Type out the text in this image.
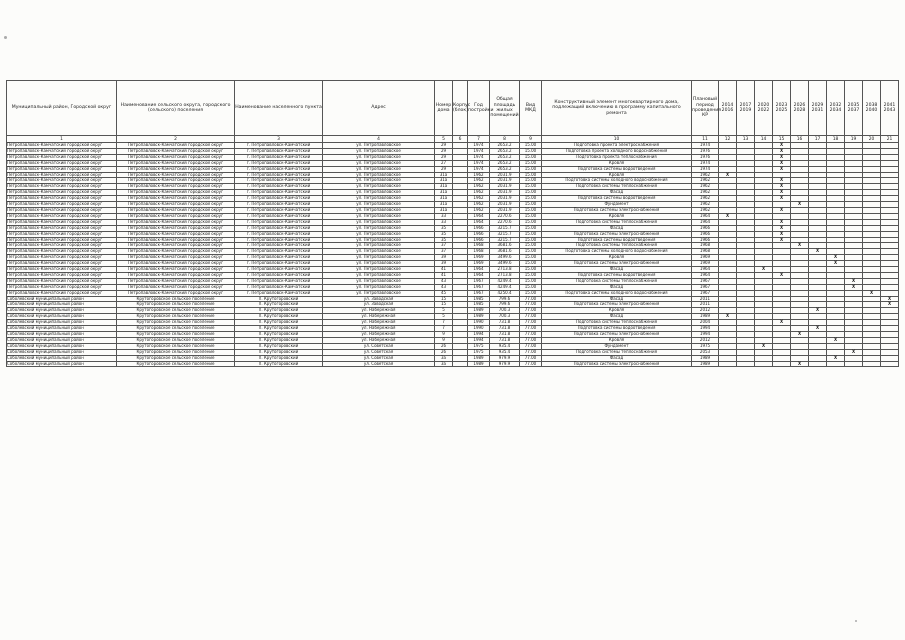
Муниципальный район, Городской округ	Наименование сельского округа, городского (сельского) поселения	Наименование населенного пункта	Адрес	Номер дома	Корпус (блок)	Год постройки	Общая площадь жилых помещений	Вид МКД	Конструктивный элемент многоквартирного дома, подлежащий включению в программу капитального ремонта	Плановый период проведения КР	2014 2016	2017 2019	2020 2022	2023 2025	2026 2028	2029 2031	2032 2034	2035 2037	2038 2040	2041 2043
1	2	3	4	5	6	7	8	9	10	11	12	13	14	15	16	17	18	19	20	21
Петропавловск-Камчатский городской округ	Петропавловск-Камчатский городской округ	г. Петропавловск-Камчатский	ул. Петропавловское	29		1974	2653.2	15.00	Подготовка проекта электроснабжения	1974				X						
Петропавловск-Камчатский городской округ	Петропавловск-Камчатский городской округ	г. Петропавловск-Камчатский	ул. Петропавловское	29		1974	2653.2	15.00	Подготовка проекта холодного водоснабжения	1976				X						
Петропавловск-Камчатский городской округ	Петропавловск-Камчатский городской округ	г. Петропавловск-Камчатский	ул. Петропавловское	29		1974	2653.2	15.00	Подготовка проекта теплоснабжения	1976				X						
Петропавловск-Камчатский городской округ	Петропавловск-Камчатский городской округ	г. Петропавловск-Камчатский	ул. Петропавловское	27		1974	2653.2	15.00	Кровля	1974				X						
Петропавловск-Камчатский городской округ	Петропавловск-Камчатский городской округ	г. Петропавловск-Камчатский	ул. Петропавловское	29		1974	2653.2	15.00	Подготовка системы водоотведения	1974				X						
Петропавловск-Камчатский городской округ	Петропавловск-Камчатский городской округ	г. Петропавловск-Камчатский	ул. Петропавловское	31а		1962	2031.9	15.00	Кровля	1962	X									
Петропавловск-Камчатский городской округ	Петропавловск-Камчатский городской округ	г. Петропавловск-Камчатский	ул. Петропавловское	31а		1962	2031.9	15.00	Подготовка системы холодного водоснабжения	1962				X						
Петропавловск-Камчатский городской округ	Петропавловск-Камчатский городской округ	г. Петропавловск-Камчатский	ул. Петропавловское	31а		1962	2031.9	15.00	Подготовка системы теплоснабжения	1962				X						
Петропавловск-Камчатский городской округ	Петропавловск-Камчатский городской округ	г. Петропавловск-Камчатский	ул. Петропавловское	31а		1962	2031.9	15.00	Фасад	1962				X						
Петропавловск-Камчатский городской округ	Петропавловск-Камчатский городской округ	г. Петропавловск-Камчатский	ул. Петропавловское	31а		1962	2031.9	15.00	Подготовка системы водоотведения	1962				X						
Петропавловск-Камчатский городской округ	Петропавловск-Камчатский городской округ	г. Петропавловск-Камчатский	ул. Петропавловское	31а		1962	2031.9	15.00	Фундамент	1962					X					
Петропавловск-Камчатский городской округ	Петропавловск-Камчатский городской округ	г. Петропавловск-Камчатский	ул. Петропавловское	31а		1962	2031.9	15.00	Подготовка системы электроснабжения	1962				X						
Петропавловск-Камчатский городской округ	Петропавловск-Камчатский городской округ	г. Петропавловск-Камчатский	ул. Петропавловское	33		1964	2270.6	15.00	Кровля	1964	X									
Петропавловск-Камчатский городской округ	Петропавловск-Камчатский городской округ	г. Петропавловск-Камчатский	ул. Петропавловское	33		1964	2270.6	15.00	Подготовка системы теплоснабжения	1964				X						
Петропавловск-Камчатский городской округ	Петропавловск-Камчатский городской округ	г. Петропавловск-Камчатский	ул. Петропавловское	35		1966	3215.7	15.00	Фасад	1966				X						
Петропавловск-Камчатский городской округ	Петропавловск-Камчатский городской округ	г. Петропавловск-Камчатский	ул. Петропавловское	35		1966	3215.7	15.00	Подготовка системы электроснабжения	1966				X						
Петропавловск-Камчатский городской округ	Петропавловск-Камчатский городской округ	г. Петропавловск-Камчатский	ул. Петропавловское	35		1966	3215.7	15.00	Подготовка системы водоотведения	1966				X						
Петропавловск-Камчатский городской округ	Петропавловск-Камчатский городской округ	г. Петропавловск-Камчатский	ул. Петропавловское	37		1968	3681.6	15.00	Подготовка системы теплоснабжения	1968					X					
Петропавловск-Камчатский городской округ	Петропавловск-Камчатский городской округ	г. Петропавловск-Камчатский	ул. Петропавловское	37		1968	3681.6	15.00	Подготовка системы холодного водоснабжения	1968						X				
Петропавловск-Камчатский городской округ	Петропавловск-Камчатский городской округ	г. Петропавловск-Камчатский	ул. Петропавловское	39		1969	3499.6	15.00	Кровля	1969							X			
Петропавловск-Камчатский городской округ	Петропавловск-Камчатский городской округ	г. Петропавловск-Камчатский	ул. Петропавловское	39		1969	3499.6	15.00	Подготовка системы электроснабжения	1969							X			
Петропавловск-Камчатский городской округ	Петропавловск-Камчатский городской округ	г. Петропавловск-Камчатский	ул. Петропавловское	41		1964	2713.8	15.00	Фасад	1964			X							
Петропавловск-Камчатский городской округ	Петропавловск-Камчатский городской округ	г. Петропавловск-Камчатский	ул. Петропавловское	41		1964	2713.8	15.00	Подготовка системы водоотведения	1964				X						
Петропавловск-Камчатский городской округ	Петропавловск-Камчатский городской округ	г. Петропавловск-Камчатский	ул. Петропавловское	43		1967	4249.4	15.00	Подготовка системы теплоснабжения	1967								X		
Петропавловск-Камчатский городской округ	Петропавловск-Камчатский городской округ	г. Петропавловск-Камчатский	ул. Петропавловское	43		1967	4249.4	15.00	Фасад	1967								X		
Петропавловск-Камчатский городской округ	Петропавловск-Камчатский городской округ	г. Петропавловск-Камчатский	ул. Петропавловское	45		1967	4250.4	15.00	Подготовка системы холодного водоснабжения	1967									X	
Соболевский муниципальный район	Крутогоровское сельское поселение	п. Крутогоровский	ул. Заводская	15		1985	799.6	77.00	Фасад	2011										X
Соболевский муниципальный район	Крутогоровское сельское поселение	п. Крутогоровский	ул. Заводская	15		1985	799.6	77.00	Подготовка системы электроснабжения	2011										X
Соболевский муниципальный район	Крутогоровское сельское поселение	п. Крутогоровский	ул. Набережная	5		1989	700.3	77.00	Кровля	2012						X				
Соболевский муниципальный район	Крутогоровское сельское поселение	п. Крутогоровский	ул. Набережная	5		1989	700.3	77.00	Фасад	1989	X									
Соболевский муниципальный район	Крутогоровское сельское поселение	п. Крутогоровский	ул. Набережная	7		1990	731.8	77.00	Подготовка системы теплоснабжения	2004				X						
Соболевский муниципальный район	Крутогоровское сельское поселение	п. Крутогоровский	ул. Набережная	7		1990	731.8	77.00	Подготовка системы водоотведения	1994						X				
Соболевский муниципальный район	Крутогоровское сельское поселение	п. Крутогоровский	ул. Набережная	9		1994	731.8	77.00	Подготовка системы электроснабжения	1994					X					
Соболевский муниципальный район	Крутогоровское сельское поселение	п. Крутогоровский	ул. Набережная	9		1994	731.8	77.00	Кровля	2012							X			
Соболевский муниципальный район	Крутогоровское сельское поселение	п. Крутогоровский	ул. Советская	26		1975	935.4	77.00	Фундамент	1975			X							
Соболевский муниципальный район	Крутогоровское сельское поселение	п. Крутогоровский	ул. Советская	26		1975	935.4	77.00	Подготовка системы теплоснабжения	2053								X		
Соболевский муниципальный район	Крутогоровское сельское поселение	п. Крутогоровский	ул. Советская	3а		1989	979.9	77.00	Фасад	1989							X			
Соболевский муниципальный район	Крутогоровское сельское поселение	п. Крутогоровский	ул. Советская	3а		1989	979.9	77.00	Подготовка системы электроснабжения	1989					X					
